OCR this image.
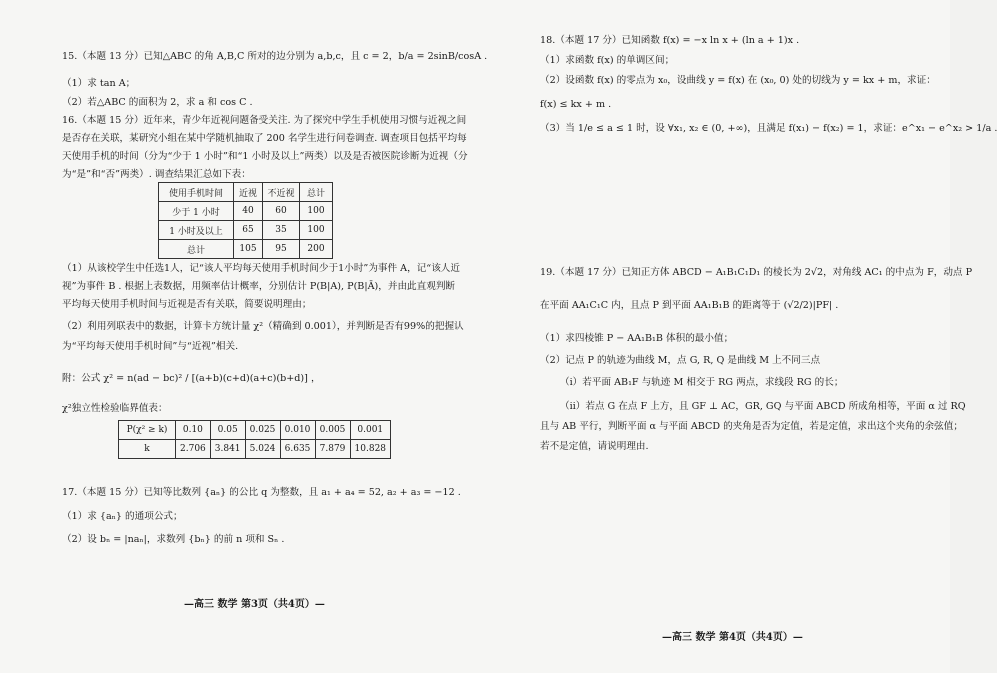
15.（本题 13 分）已知△ABC 的角 A,B,C 所对的边分别为 a,b,c，且 c = 2，b/a = 2sinB/cosA .
（1）求 tan A；
（2）若△ABC 的面积为 2，求 a 和 cos C .
16.（本题 15 分）近年来，青少年近视问题备受关注. 为了探究中学生手机使用习惯与近视之间
是否存在关联，某研究小组在某中学随机抽取了 200 名学生进行问卷调查. 调查项目包括平均每
天使用手机的时间（分为“少于 1 小时”和“1 小时及以上”两类）以及是否被医院诊断为近视（分
为“是”和“否”两类）. 调查结果汇总如下表：
使用手机时间	近视	不近视	总计
少于 1 小时	40	60	100
1 小时及以上	65	35	100
总计	105	95	200
（1）从该校学生中任选1人，记“该人平均每天使用手机时间少于1小时”为事件 A，记“该人近
视”为事件 B . 根据上表数据，用频率估计概率，分别估计 P(B|A), P(B|Ā)，并由此直观判断
平均每天使用手机时间与近视是否有关联，简要说明理由；
（2）利用列联表中的数据，计算卡方统计量 χ²（精确到 0.001），并判断是否有99%的把握认
为“平均每天使用手机时间”与“近视”相关.
附：公式 χ² = n(ad − bc)² / [(a+b)(c+d)(a+c)(b+d)] ，
χ²独立性检验临界值表：
P(χ² ≥ k)	0.10	0.05	0.025	0.010	0.005	0.001
k	2.706	3.841	5.024	6.635	7.879	10.828
17.（本题 15 分）已知等比数列 {aₙ} 的公比 q 为整数，且 a₁ + a₄ = 52, a₂ + a₃ = −12 .
（1）求 {aₙ} 的通项公式；
（2）设 bₙ = |naₙ|，求数列 {bₙ} 的前 n 项和 Sₙ .
—高三 数学 第3页（共4页）—
18.（本题 17 分）已知函数 f(x) = −x ln x + (ln a + 1)x .
（1）求函数 f(x) 的单调区间；
（2）设函数 f(x) 的零点为 x₀，设曲线 y = f(x) 在 (x₀, 0) 处的切线为 y = kx + m，求证：
f(x) ≤ kx + m .
（3）当 1/e ≤ a ≤ 1 时，设 ∀x₁, x₂ ∈ (0, +∞)，且满足 f(x₁) − f(x₂) = 1，求证：e^x₁ − e^x₂ > 1/a .
19.（本题 17 分）已知正方体 ABCD − A₁B₁C₁D₁ 的棱长为 2√2，对角线 AC₁ 的中点为 F，动点 P
在平面 AA₁C₁C 内，且点 P 到平面 AA₁B₁B 的距离等于 (√2/2)|PF| .
（1）求四棱锥 P − AA₁B₁B 体积的最小值；
（2）记点 P 的轨迹为曲线 M，点 G, R, Q 是曲线 M 上不同三点
（ⅰ）若平面 AB₁F 与轨迹 M 相交于 RG 两点，求线段 RG 的长；
（ⅱ）若点 G 在点 F 上方，且 GF ⊥ AC，GR, GQ 与平面 ABCD 所成角相等，平面 α 过 RQ
且与 AB 平行，判断平面 α 与平面 ABCD 的夹角是否为定值，若是定值，求出这个夹角的余弦值；
若不是定值，请说明理由.
—高三 数学 第4页（共4页）—
